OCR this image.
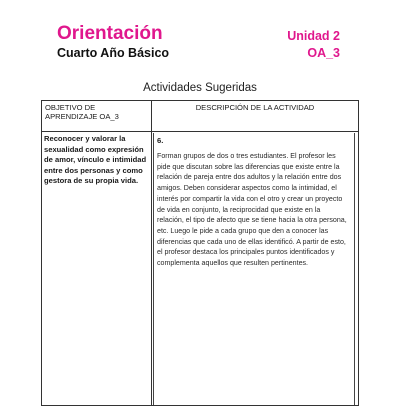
Orientación
Cuarto Año Básico
Unidad 2
OA_3
Actividades Sugeridas
OBJETIVO DE APRENDIZAJE OA_3	DESCRIPCIÓN DE LA ACTIVIDAD

Reconocer y valorar la sexualidad como expresión de amor, vínculo e intimidad entre dos personas y como gestora de su propia vida.	6.
Forman grupos de dos o tres estudiantes. El profesor les pide que discutan sobre las diferencias que existe entre la relación de pareja entre dos adultos y la relación entre dos amigos. Deben considerar aspectos como la intimidad, el interés por compartir la vida con el otro y crear un proyecto de vida en conjunto, la reciprocidad que existe en la relación, el tipo de afecto que se tiene hacia la otra persona, etc. Luego le pide a cada grupo que den a conocer las diferencias que cada uno de ellas identificó. A partir de esto, el profesor destaca los principales puntos identificados y complementa aquellos que resulten pertinentes.
